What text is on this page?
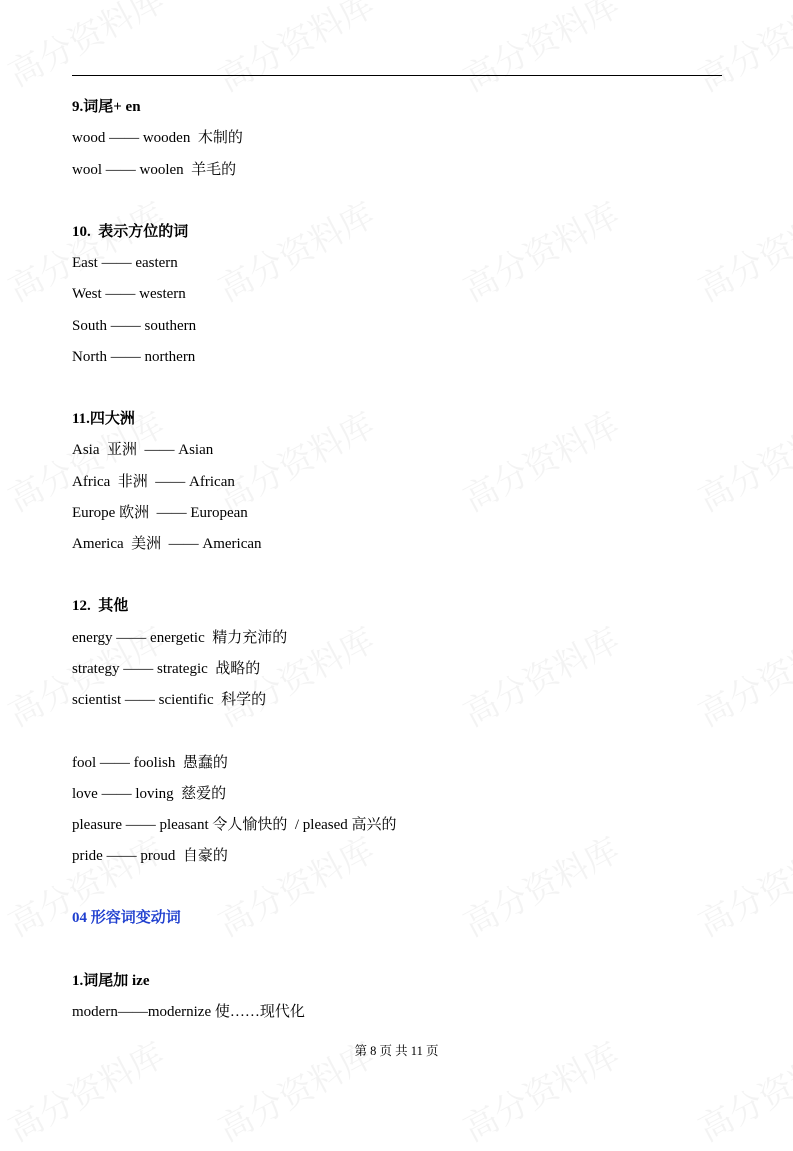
9.词尾+ en
wood —— wooden  木制的
wool —— woolen  羊毛的
10.  表示方位的词
East —— eastern
West —— western
South —— southern
North —— northern
11.四大洲
Asia  亚洲  —— Asian
Africa  非洲  —— African
Europe 欧洲  —— European
America  美洲  —— American
12.  其他
energy —— energetic  精力充沛的
strategy —— strategic  战略的
scientist —— scientific  科学的
fool —— foolish  愚蠢的
love —— loving  慈爱的
pleasure —— pleasant 令人愉快的  / pleased 高兴的
pride —— proud  自豪的
04 形容词变动词
1.词尾加 ize
modern——modernize 使……现代化
第 8 页 共 11 页
